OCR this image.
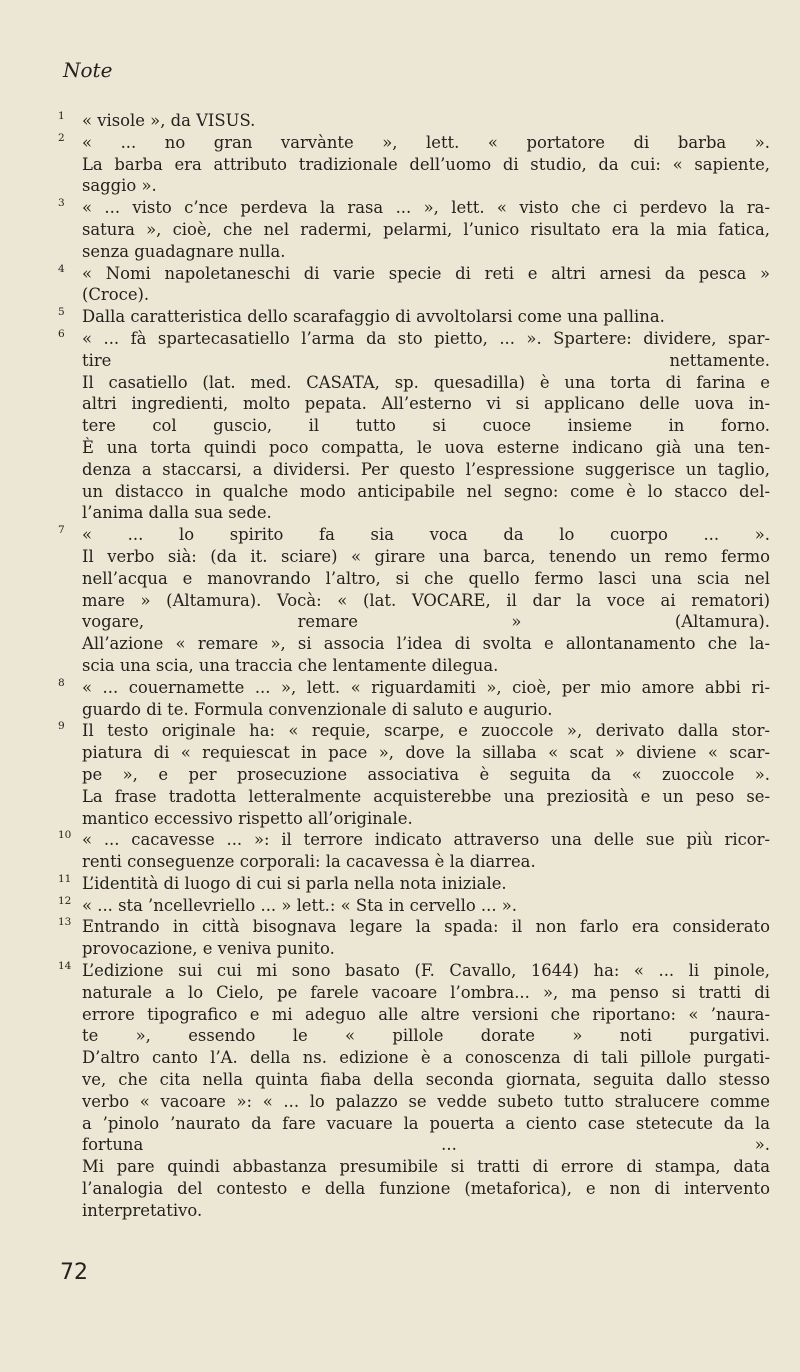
Note
1	« visole », da VISUS.
2	« ... no gran varvànte », lett. « portatore di barba ».
La barba era attributo tradizionale dell’uomo di studio, da cui: « sapiente,
saggio ».
3	« ... visto c’nce perdeva la rasa ... », lett. « visto che ci perdevo la ra-
satura », cioè, che nel radermi, pelarmi, l’unico risultato era la mia fatica,
senza guadagnare nulla.
4	« Nomi napoletaneschi di varie specie di reti e altri arnesi da pesca »
(Croce).
5	Dalla caratteristica dello scarafaggio di avvoltolarsi come una pallina.
6	« ... fà spartecasatiello l’arma da sto pietto, ... ». Spartere: dividere, spar-
tire nettamente.
Il casatiello (lat. med. CASATA, sp. quesadilla) è una torta di farina e
altri ingredienti, molto pepata. All’esterno vi si applicano delle uova in-
tere col guscio, il tutto si cuoce insieme in forno.
È una torta quindi poco compatta, le uova esterne indicano già una ten-
denza a staccarsi, a dividersi. Per questo l’espressione suggerisce un taglio,
un distacco in qualche modo anticipabile nel segno: come è lo stacco del-
l’anima dalla sua sede.
7	« ... lo spirito fa sia voca da lo cuorpo ... ».
Il verbo sià: (da it. sciare) « girare una barca, tenendo un remo fermo
nell’acqua e manovrando l’altro, si che quello fermo lasci una scia nel
mare » (Altamura). Vocà: « (lat. VOCARE, il dar la voce ai rematori)
vogare, remare » (Altamura).
All’azione « remare », si associa l’idea di svolta e allontanamento che la-
scia una scia, una traccia che lentamente dilegua.
8	« ... couernamette ... », lett. « riguardamiti », cioè, per mio amore abbi ri-
guardo di te. Formula convenzionale di saluto e augurio.
9	Il testo originale ha: « requie, scarpe, e zuoccole », derivato dalla stor-
piatura di « requiescat in pace », dove la sillaba « scat » diviene « scar-
pe », e per prosecuzione associativa è seguita da « zuoccole ».
La frase tradotta letteralmente acquisterebbe una preziosità e un peso se-
mantico eccessivo rispetto all’originale.
10 « ... cacavesse ... »: il terrore indicato attraverso una delle sue più ricor-
renti conseguenze corporali: la cacavessa è la diarrea.
11 L’identità di luogo di cui si parla nella nota iniziale.
12 « ... sta ’ncellevriello ... » lett.: « Sta in cervello ... ».
13 Entrando in città bisognava legare la spada: il non farlo era considerato
provocazione, e veniva punito.
14 L’edizione sui cui mi sono basato (F. Cavallo, 1644) ha: « ... li pinole,
naturale a lo Cielo, pe farele vacoare l’ombra... », ma penso si tratti di
errore tipografico e mi adeguo alle altre versioni che riportano: « ’naura-
te », essendo le « pillole dorate » noti purgativi.
D’altro canto l’A. della ns. edizione è a conoscenza di tali pillole purgati-
ve, che cita nella quinta fiaba della seconda giornata, seguita dallo stesso
verbo « vacoare »: « ... lo palazzo se vedde subeto tutto stralucere comme
a ’pinolo ’naurato da fare vacuare la pouerta a ciento case stetecute da la
fortuna ... ».
Mi pare quindi abbastanza presumibile si tratti di errore di stampa, data
l’analogia del contesto e della funzione (metaforica), e non di intervento
interpretativo.
72
